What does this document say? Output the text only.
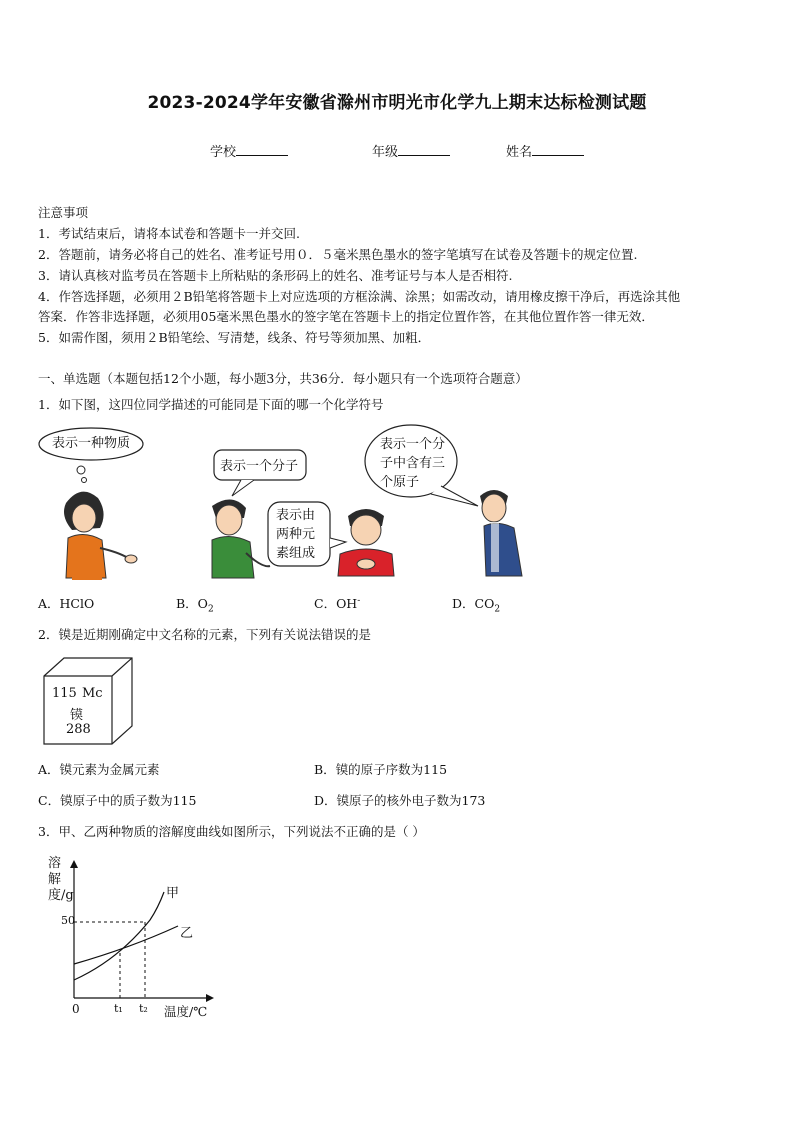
2023-2024学年安徽省滁州市明光市化学九上期末达标检测试题
学校	年级	姓名
注意事项
1．考试结束后，请将本试卷和答题卡一并交回.
2．答题前，请务必将自己的姓名、准考证号用０．５毫米黑色墨水的签字笔填写在试卷及答题卡的规定位置.
3．请认真核对监考员在答题卡上所粘贴的条形码上的姓名、准考证号与本人是否相符.
4．作答选择题，必须用２B铅笔将答题卡上对应选项的方框涂满、涂黑；如需改动，请用橡皮擦干净后，再选涂其他
答案．作答非选择题，必须用05毫米黑色墨水的签字笔在答题卡上的指定位置作答，在其他位置作答一律无效．
5．如需作图，须用２B铅笔绘、写清楚，线条、符号等须加黑、加粗．
一、单选题（本题包括12个小题，每小题3分，共36分．每小题只有一个选项符合题意）
1．如下图，这四位同学描述的可能同是下面的哪一个化学符号
表示一种物质
表示一个分子
表示由
两种元
素组成
表示一个分
子中含有三
个原子
A．HClO	B．$O_2$	C．OH-	D．$CO_2$
2．镆是近期刚确定中文名称的元素，下列有关说法错误的是
115 Mc
镆
288
A．镆元素为金属元素	B．镆的原子序数为115
C．镆原子中的质子数为115	D．镆原子的核外电子数为173
3．甲、乙两种物质的溶解度曲线如图所示，下列说法不正确的是（ ）
溶解度/g
50
0	t₁ t₂ 温度/℃
甲
乙
